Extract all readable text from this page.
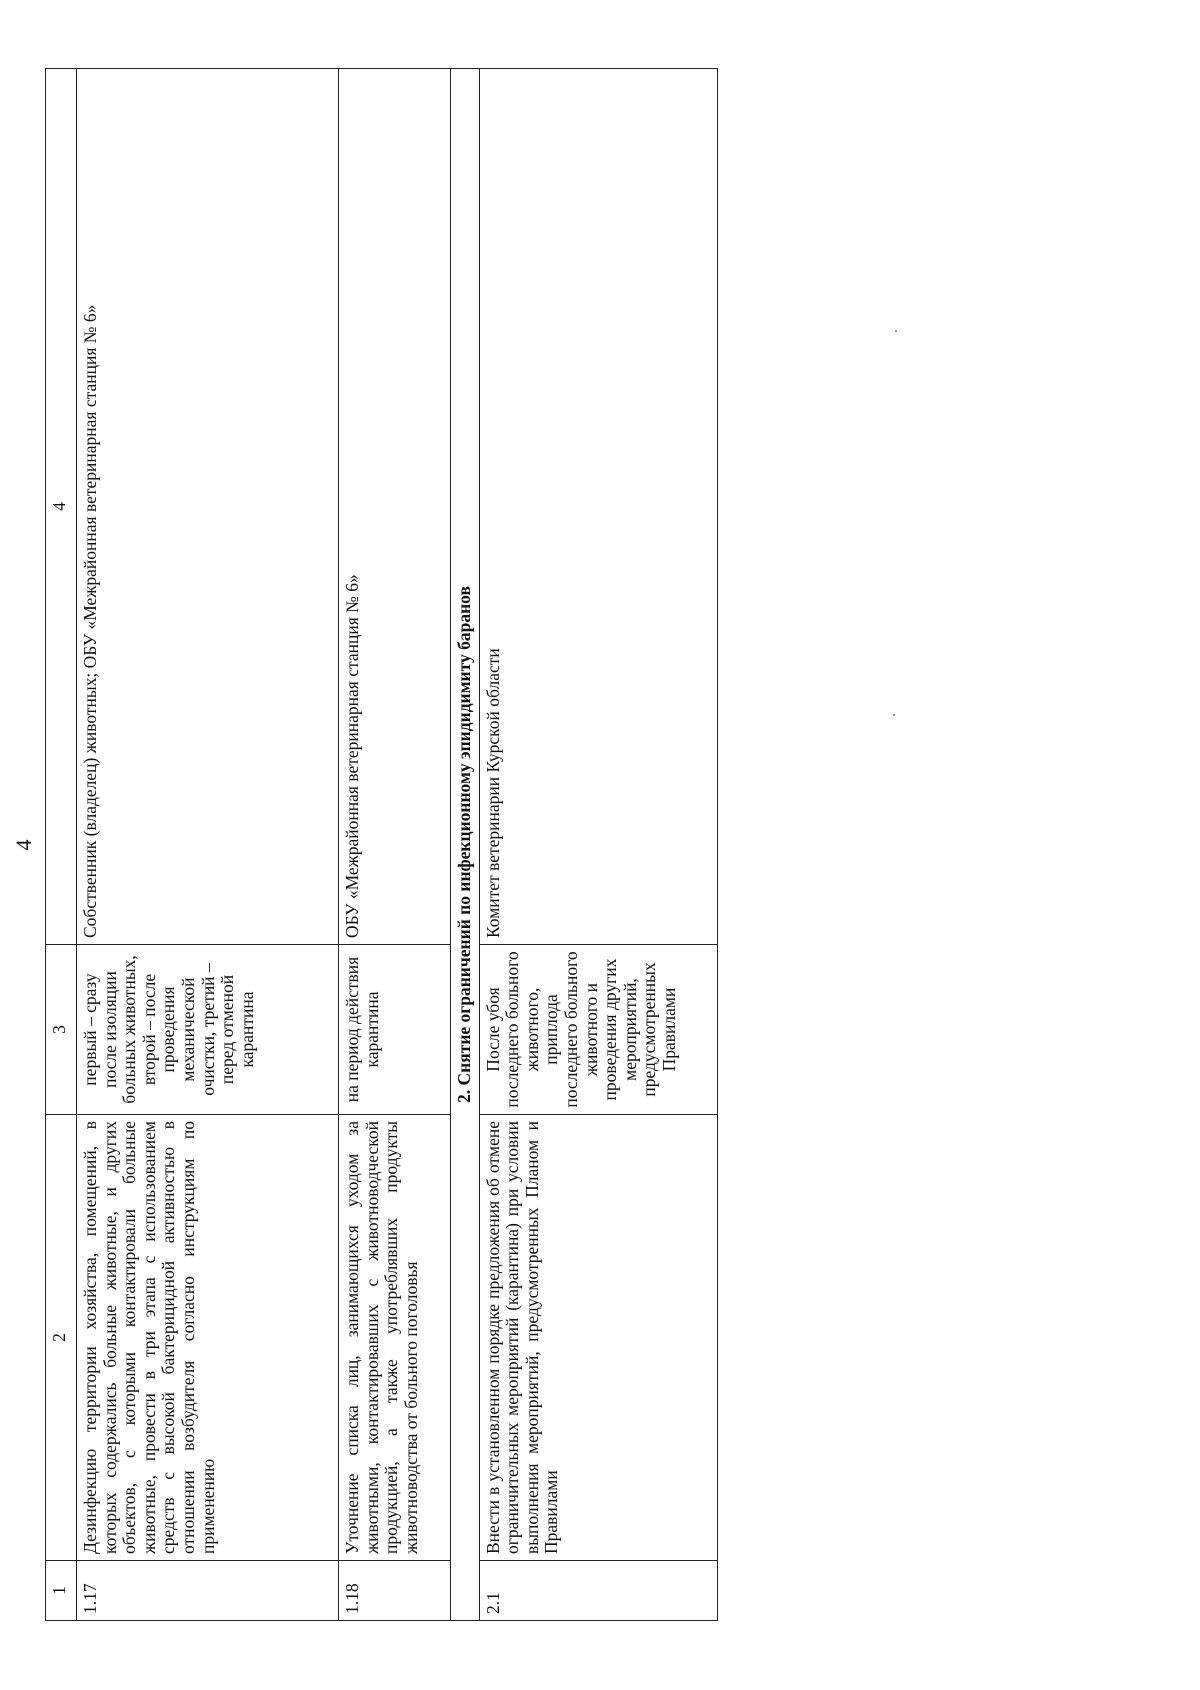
4
1	2	3	4
1.17	Дезинфекцию территории хозяйства, помещений, в которых содержались больные животные, и других объектов, с которыми контактировали больные животные, провести в три этапа с использованием средств с высокой бактерицидной активностью в отношении возбудителя согласно инструкциям по применению	первый – сразу после изоляции больных животных, второй – после проведения механической очистки, третий – перед отменой карантина	Собственник (владелец) животных; ОБУ «Межрайонная ветеринарная станция № 6»
1.18	Уточнение списка лиц, занимающихся уходом за животными, контактировавших с животноводческой продукцией, а также употреблявших продукты животноводства от больного поголовья	на период действия карантина	ОБУ «Межрайонная ветеринарная станция № 6»
2. Снятие ограничений по инфекционному эпидидимиту баранов			
2.1	Внести в установленном порядке предложения об отмене ограничительных мероприятий (карантина) при условии выполнения мероприятий, предусмотренных Планом и Правилами	После убоя последнего больного животного, приплода последнего больного животного и проведения других мероприятий, предусмотренных Правилами	Комитет ветеринарии Курской области
